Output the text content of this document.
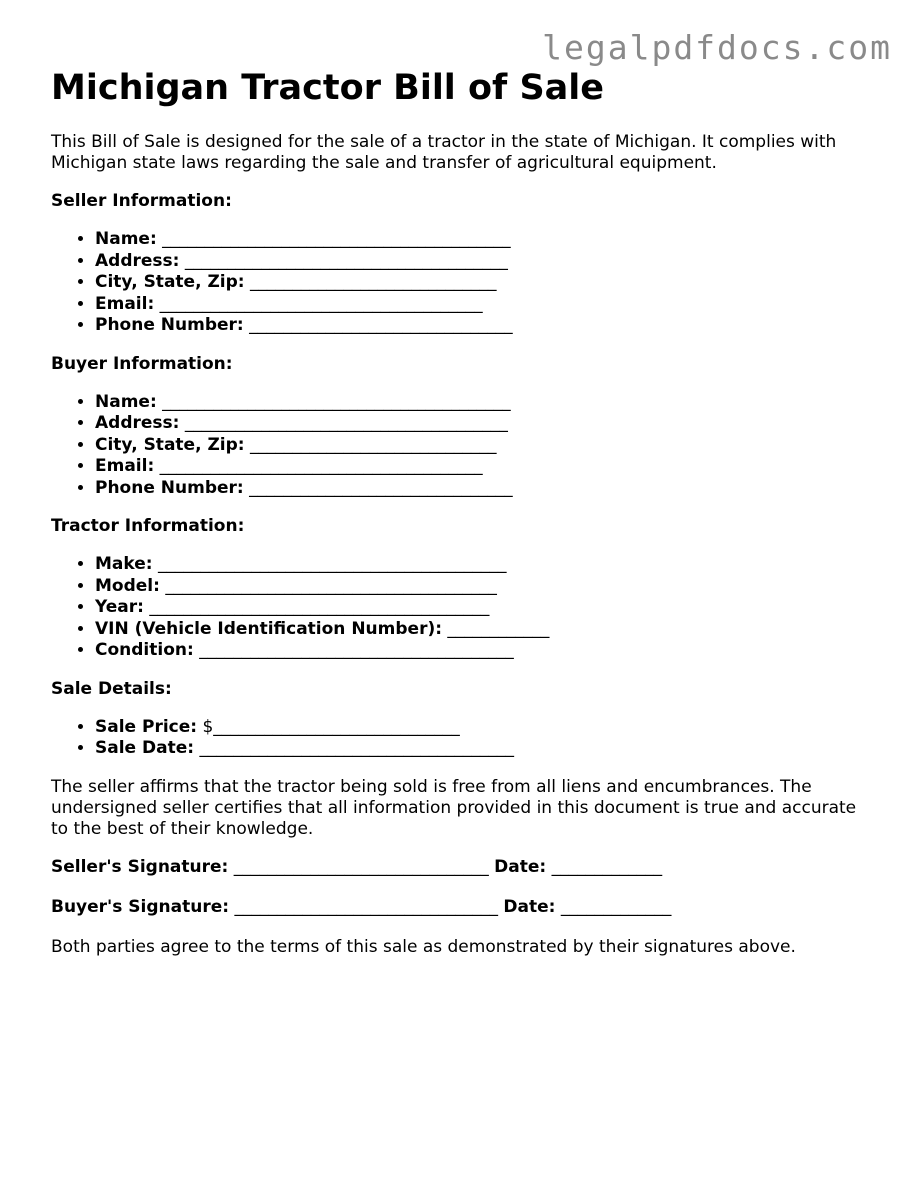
legalpdfdocs.com
Michigan Tractor Bill of Sale

This Bill of Sale is designed for the sale of a tractor in the state of Michigan. It complies with Michigan state laws regarding the sale and transfer of agricultural equipment.

Seller Information:

• Name: _________________________________________
• Address: ______________________________________
• City, State, Zip: _____________________________
• Email: ______________________________________
• Phone Number: _______________________________

Buyer Information:

• Name: _________________________________________
• Address: ______________________________________
• City, State, Zip: _____________________________
• Email: ______________________________________
• Phone Number: _______________________________

Tractor Information:

• Make: _________________________________________
• Model: _______________________________________
• Year: ________________________________________
• VIN (Vehicle Identification Number): ____________
• Condition: _____________________________________

Sale Details:

• Sale Price: $_____________________________
• Sale Date: _____________________________________

The seller affirms that the tractor being sold is free from all liens and encumbrances. The undersigned seller certifies that all information provided in this document is true and accurate to the best of their knowledge.

Seller's Signature: ______________________________ Date: _____________
Buyer's Signature: _______________________________ Date: _____________

Both parties agree to the terms of this sale as demonstrated by their signatures above.
